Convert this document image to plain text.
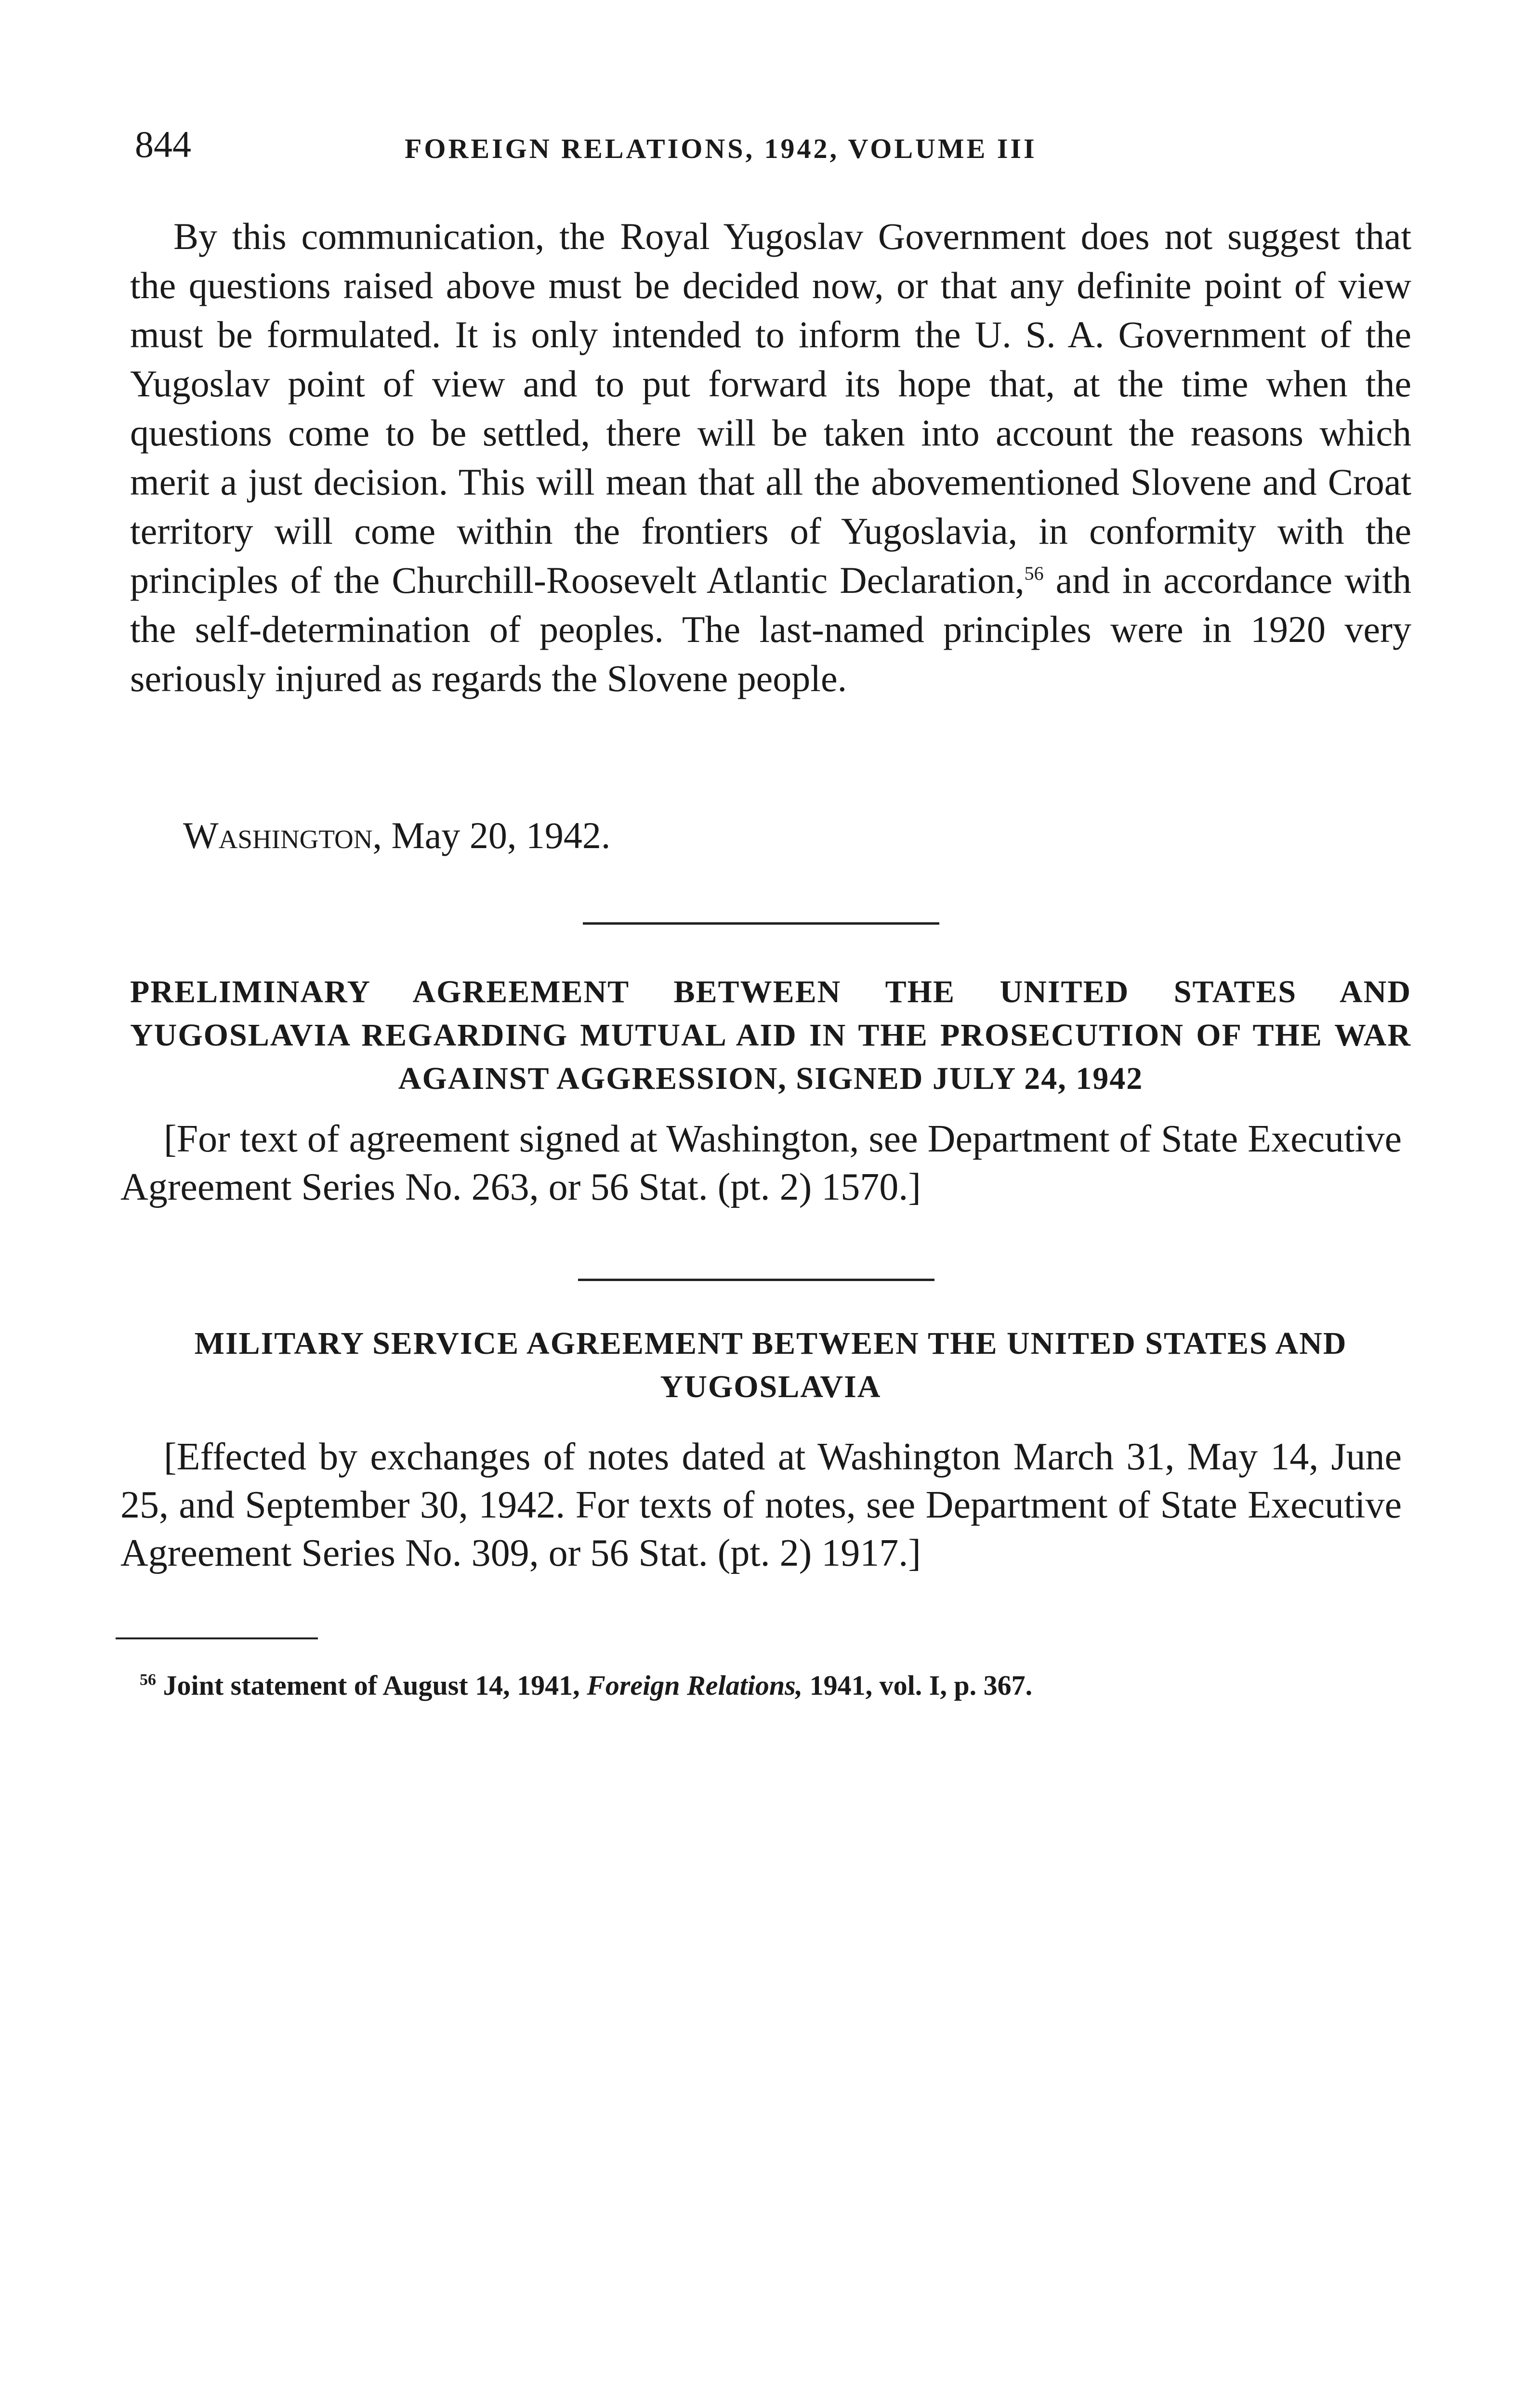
844	FOREIGN RELATIONS, 1942, VOLUME III
By this communication, the Royal Yugoslav Government does not suggest that the questions raised above must be decided now, or that any definite point of view must be formulated. It is only intended to inform the U. S. A. Government of the Yugoslav point of view and to put forward its hope that, at the time when the questions come to be settled, there will be taken into account the reasons which merit a just decision. This will mean that all the abovementioned Slovene and Croat territory will come within the frontiers of Yugoslavia, in conformity with the principles of the Churchill-Roosevelt Atlantic Declaration,$^{56}$ and in accordance with the self-determination of peoples. The last-named principles were in 1920 very seriously injured as regards the Slovene people.
Washington, May 20, 1942.
PRELIMINARY AGREEMENT BETWEEN THE UNITED STATES AND YUGOSLAVIA REGARDING MUTUAL AID IN THE PROSECUTION OF THE WAR AGAINST AGGRESSION, SIGNED JULY 24, 1942
[For text of agreement signed at Washington, see Department of State Executive Agreement Series No. 263, or 56 Stat. (pt. 2) 1570.]
MILITARY SERVICE AGREEMENT BETWEEN THE UNITED STATES AND YUGOSLAVIA
[Effected by exchanges of notes dated at Washington March 31, May 14, June 25, and September 30, 1942. For texts of notes, see Department of State Executive Agreement Series No. 309, or 56 Stat. (pt. 2) 1917.]
$^{56}$ Joint statement of August 14, 1941, Foreign Relations, 1941, vol. I, p. 367.
